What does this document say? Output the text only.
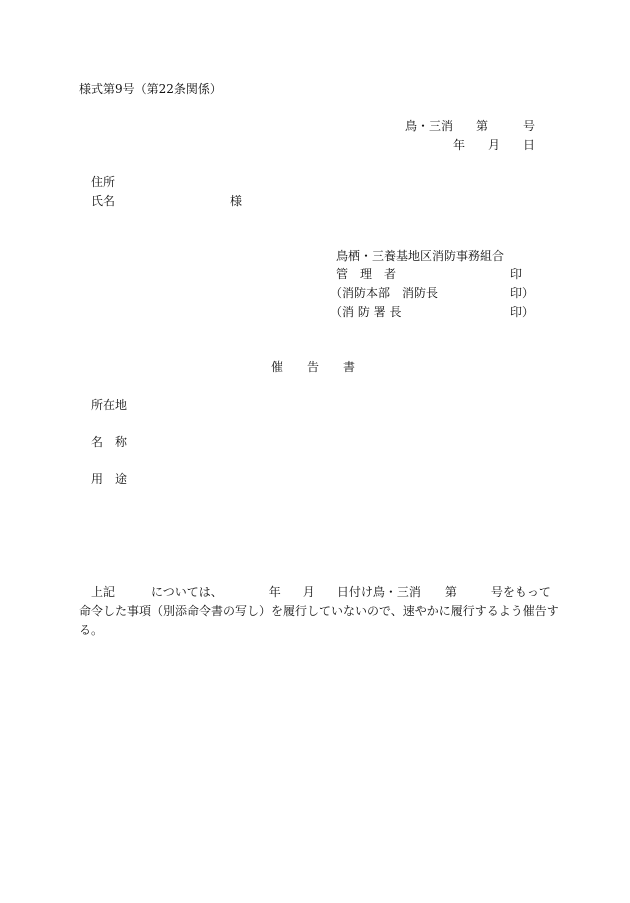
様式第9号（第22条関係）
鳥・三消 第	号
年 月 日
住所
氏名	様
鳥栖・三養基地区消防事務組合
管　理　者	印
（消防本部　消防長	印）
（消 防 署 長	印）
催　　告　　書
所在地
名　称
用　途
上記	については、	年 月 日付け鳥・三消 第	号をもって
命令した事項（別添命令書の写し）を履行していないので、速やかに履行するよう催告す
る。
